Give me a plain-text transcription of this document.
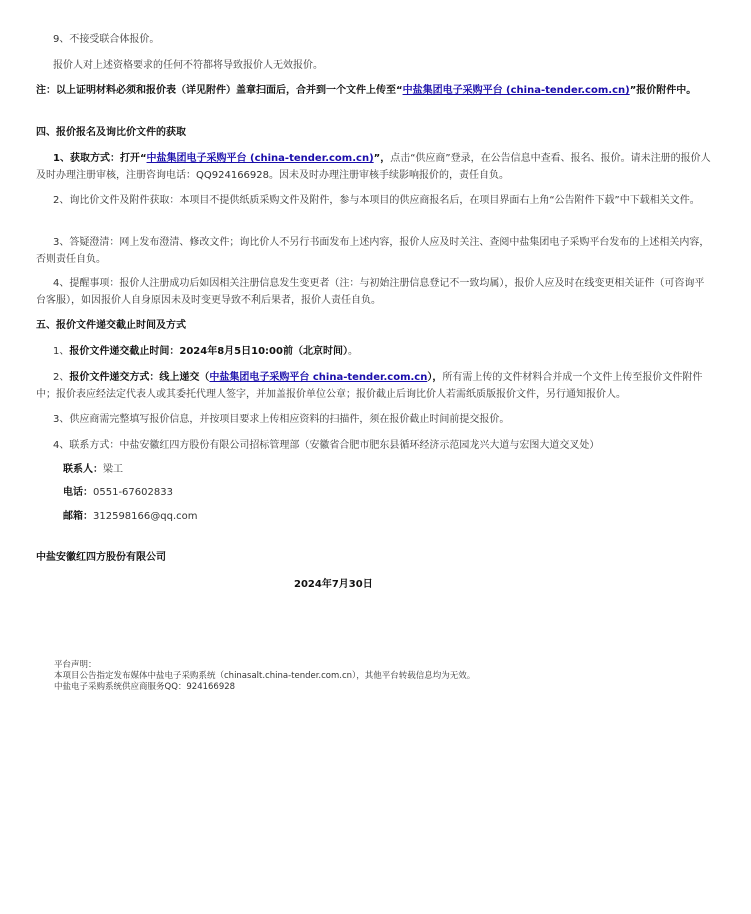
9、不接受联合体报价。
报价人对上述资格要求的任何不符都将导致报价人无效报价。
注：以上证明材料必须和报价表（详见附件）盖章扫面后，合并到一个文件上传至“中盐集团电子采购平台 (china-tender.com.cn)”报价附件中。
四、报价报名及询比价文件的获取
1、获取方式：打开“中盐集团电子采购平台 (china-tender.com.cn)”，点击“供应商”登录，在公告信息中查看、报名、报价。请未注册的报价人及时办理注册审核，注册咨询电话：QQ924166928。因未及时办理注册审核手续影响报价的，责任自负。
2、询比价文件及附件获取：本项目不提供纸质采购文件及附件，参与本项目的供应商报名后，在项目界面右上角“公告附件下载”中下载相关文件。
3、答疑澄清：网上发布澄清、修改文件；询比价人不另行书面发布上述内容，报价人应及时关注、查阅中盐集团电子采购平台发布的上述相关内容，否则责任自负。
4、提醒事项：报价人注册成功后如因相关注册信息发生变更者（注：与初始注册信息登记不一致均属），报价人应及时在线变更相关证件（可咨询平台客服），如因报价人自身原因未及时变更导致不利后果者，报价人责任自负。
五、报价文件递交截止时间及方式
1、报价文件递交截止时间：2024年8月5日10:00前（北京时间）。
2、报价文件递交方式：线上递交（中盐集团电子采购平台 china-tender.com.cn），所有需上传的文件材料合并成一个文件上传至报价文件附件中；报价表应经法定代表人或其委托代理人签字，并加盖报价单位公章；报价截止后询比价人若需纸质版报价文件，另行通知报价人。
3、供应商需完整填写报价信息，并按项目要求上传相应资料的扫描件，须在报价截止时间前提交报价。
4、联系方式：中盐安徽红四方股份有限公司招标管理部（安徽省合肥市肥东县循环经济示范园龙兴大道与宏图大道交叉处）
联系人：梁工
电话：0551-67602833
邮箱：312598166@qq.com
中盐安徽红四方股份有限公司
2024年7月30日
平台声明：
本项目公告指定发布媒体中盐电子采购系统（chinasalt.china-tender.com.cn），其他平台转载信息均为无效。
中盐电子采购系统供应商服务QQ：924166928
